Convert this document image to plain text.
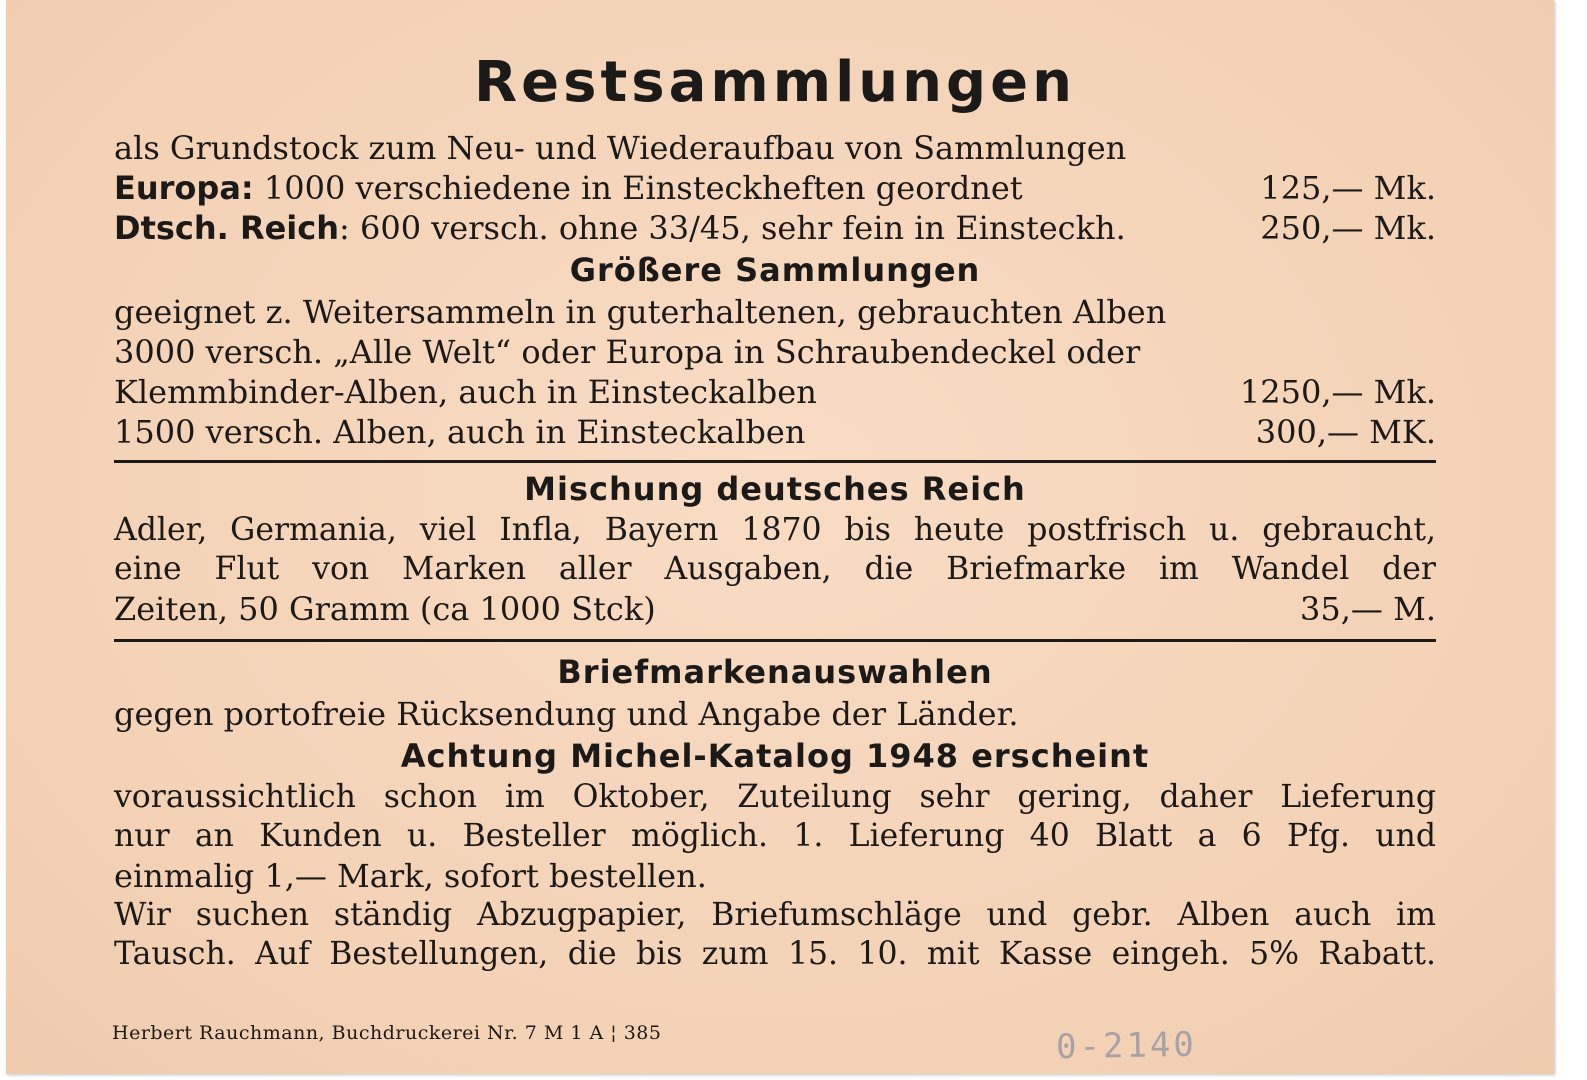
Restsammlungen
als Grundstock zum Neu- und Wiederaufbau von Sammlungen
Europa: 1000 verschiedene in Einsteckheften geordnet	125,— Mk.
Dtsch. Reich: 600 versch. ohne 33/45, sehr fein in Einsteckh.	250,— Mk.
Größere Sammlungen
geeignet z. Weitersammeln in guterhaltenen, gebrauchten Alben
3000 versch. „Alle Welt“ oder Europa in Schraubendeckel oder
Klemmbinder-Alben, auch in Einsteckalben	1250,— Mk.
1500 versch. Alben, auch in Einsteckalben	300,— MK.
Mischung deutsches Reich
Adler, Germania, viel Infla, Bayern 1870 bis heute postfrisch u. gebraucht,
eine Flut von Marken aller Ausgaben, die Briefmarke im Wandel der
Zeiten, 50 Gramm (ca 1000 Stck)	35,— M.
Briefmarkenauswahlen
gegen portofreie Rücksendung und Angabe der Länder.
Achtung Michel-Katalog 1948 erscheint
voraussichtlich schon im Oktober, Zuteilung sehr gering, daher Lieferung
nur an Kunden u. Besteller möglich. 1. Lieferung 40 Blatt a 6 Pfg. und
einmalig 1,— Mark, sofort bestellen.
Wir suchen ständig Abzugpapier, Briefumschläge und gebr. Alben auch im
Tausch. Auf Bestellungen, die bis zum 15. 10. mit Kasse eingeh. 5% Rabatt.
Herbert Rauchmann, Buchdruckerei Nr. 7 M 1 A ¦ 385	0-2140
